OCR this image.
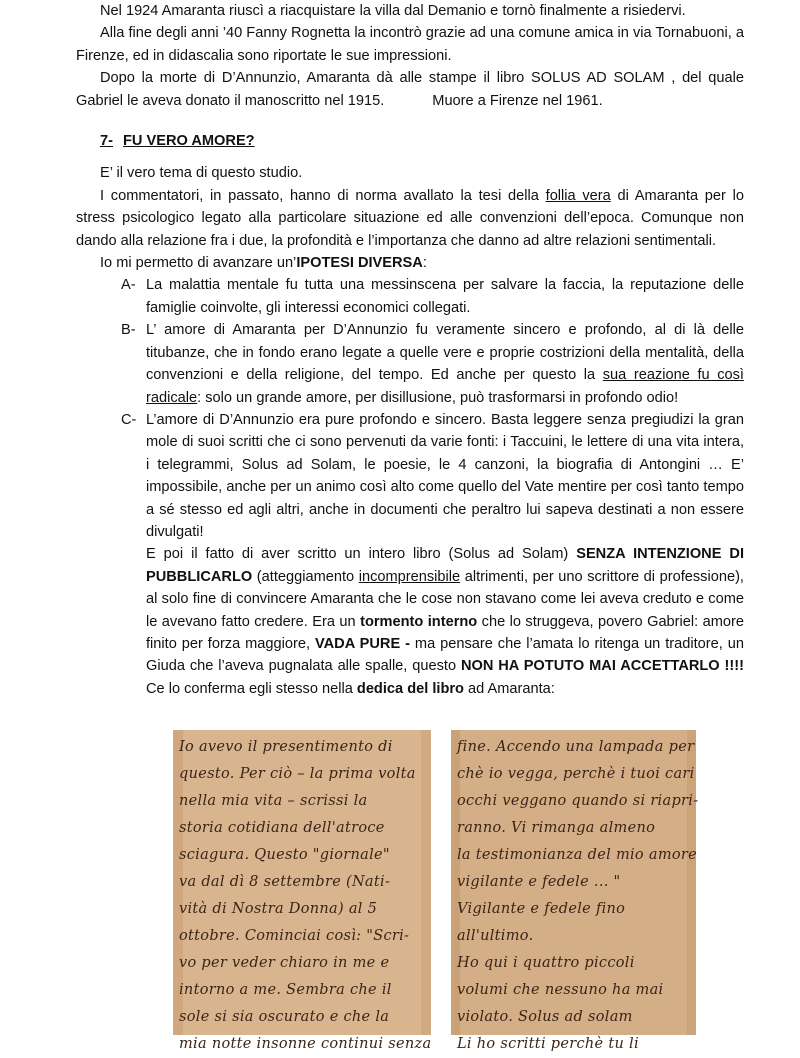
Nel 1924 Amaranta riuscì a riacquistare la villa dal Demanio e tornò finalmente a risiedervi.

Alla fine degli anni ’40 Fanny Rognetta la incontrò grazie ad una comune amica in via Tornabuoni, a Firenze, ed in didascalia sono riportate le sue impressioni.

Dopo la morte di D’Annunzio, Amaranta dà alle stampe il libro SOLUS AD SOLAM , del quale Gabriel le aveva donato il manoscritto nel 1915.	Muore a Firenze nel 1961.

7- FU VERO AMORE?

E’ il vero tema di questo studio.

I commentatori, in passato, hanno di norma avallato la tesi della follia vera di Amaranta per lo stress psicologico legato alla particolare situazione ed alle convenzioni dell’epoca. Comunque non dando alla relazione fra i due, la profondità e l’importanza che danno ad altre relazioni sentimentali.

Io mi permetto di avanzare un’IPOTESI DIVERSA:

A- La malattia mentale fu tutta una messinscena per salvare la faccia, la reputazione delle famiglie coinvolte, gli interessi economici collegati.

B- L’ amore di Amaranta per D’Annunzio fu veramente sincero e profondo, al di là delle titubanze, che in fondo erano legate a quelle vere e proprie costrizioni della mentalità, della convenzioni e della religione, del tempo. Ed anche per questo la sua reazione fu così radicale: solo un grande amore, per disillusione, può trasformarsi in profondo odio!

C- L’amore di D’Annunzio era pure profondo e sincero. Basta leggere senza pregiudizi la gran mole di suoi scritti che ci sono pervenuti da varie fonti: i Taccuini, le lettere di una vita intera, i telegrammi, Solus ad Solam, le poesie, le 4 canzoni, la biografia di Antongini … E’ impossibile, anche per un animo così alto come quello del Vate mentire per così tanto tempo a sé stesso ed agli altri, anche in documenti che peraltro lui sapeva destinati a non essere divulgati!

E poi il fatto di aver scritto un intero libro (Solus ad Solam) SENZA INTENZIONE DI PUBBLICARLO (atteggiamento incomprensibile altrimenti, per uno scrittore di professione), al solo fine di convincere Amaranta che le cose non stavano come lei aveva creduto e come le avevano fatto credere. Era un tormento interno che lo struggeva, povero Gabriel: amore finito per forza maggiore, VADA PURE - ma pensare che l’amata lo ritenga un traditore, un Giuda che l’aveva pugnalata alle spalle, questo NON HA POTUTO MAI ACCETTARLO !!!! Ce lo conferma egli stesso nella dedica del libro ad Amaranta:

Io avevo il presentimento di
questo. Per ciò – la prima volta
nella mia vita – scrissi la
storia cotidiana dell'atroce
sciagura. Questo "giornale"
va dal dì 8 settembre (Nati-
vità di Nostra Donna) al 5
ottobre. Cominciai così: "Scri-
vo per veder chiaro in me e
intorno a me. Sembra che il
sole si sia oscurato e che la
mia notte insonne continui senza
fine. Accendo una lampada per
chè io vegga, perchè i tuoi cari
occhi veggano quando si riapri-
ranno. Vi rimanga almeno
la testimonianza del mio amore
vigilante e fedele ... "
Vigilante e fedele fino
all'ultimo.
Ho qui i quattro piccoli
volumi che nessuno ha mai
violato. Solus ad solam
Li ho scritti perchè tu li
